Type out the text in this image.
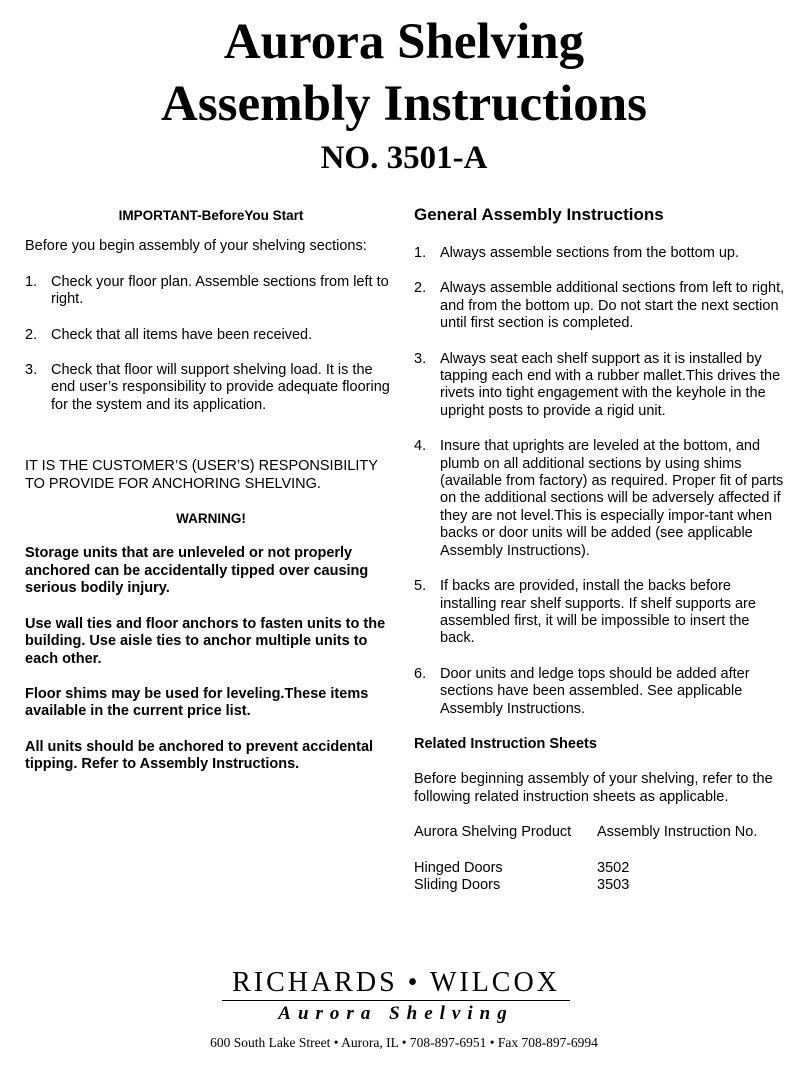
Aurora Shelving
Assembly Instructions
NO. 3501-A

IMPORTANT-BeforeYou Start

Before you begin assembly of your shelving sections:

1. Check your floor plan. Assemble sections from left to right.
2. Check that all items have been received.
3. Check that floor will support shelving load. It is the end user’s responsibility to provide adequate flooring for the system and its application.

IT IS THE CUSTOMER’S (USER’S) RESPONSIBILITY TO PROVIDE FOR ANCHORING SHELVING.

WARNING!

Storage units that are unleveled or not properly anchored can be accidentally tipped over causing serious bodily injury.

Use wall ties and floor anchors to fasten units to the building. Use aisle ties to anchor multiple units to each other.

Floor shims may be used for leveling.These items available in the current price list.

All units should be anchored to prevent accidental tipping. Refer to Assembly Instructions.

General Assembly Instructions
1. Always assemble sections from the bottom up.
2. Always assemble additional sections from left to right, and from the bottom up. Do not start the next section until first section is completed.
3. Always seat each shelf support as it is installed by tapping each end with a rubber mallet.This drives the rivets into tight engagement with the keyhole in the upright posts to provide a rigid unit.
4. Insure that uprights are leveled at the bottom, and plumb on all additional sections by using shims (available from factory) as required. Proper fit of parts on the additional sections will be adversely affected if they are not level.This is especially impor-tant when backs or door units will be added (see applicable Assembly Instructions).
5. If backs are provided, install the backs before installing rear shelf supports. If shelf supports are assembled first, it will be impossible to insert the back.
6. Door units and ledge tops should be added after sections have been assembled. See applicable Assembly Instructions.

Related Instruction Sheets

Before beginning assembly of your shelving, refer to the following related instruction sheets as applicable.

Aurora Shelving Product	Assembly Instruction No.
Hinged Doors	3502
Sliding Doors	3503
RICHARDS • WILCOX
Aurora Shelving
600 South Lake Street • Aurora, IL • 708-897-6951 • Fax 708-897-6994
